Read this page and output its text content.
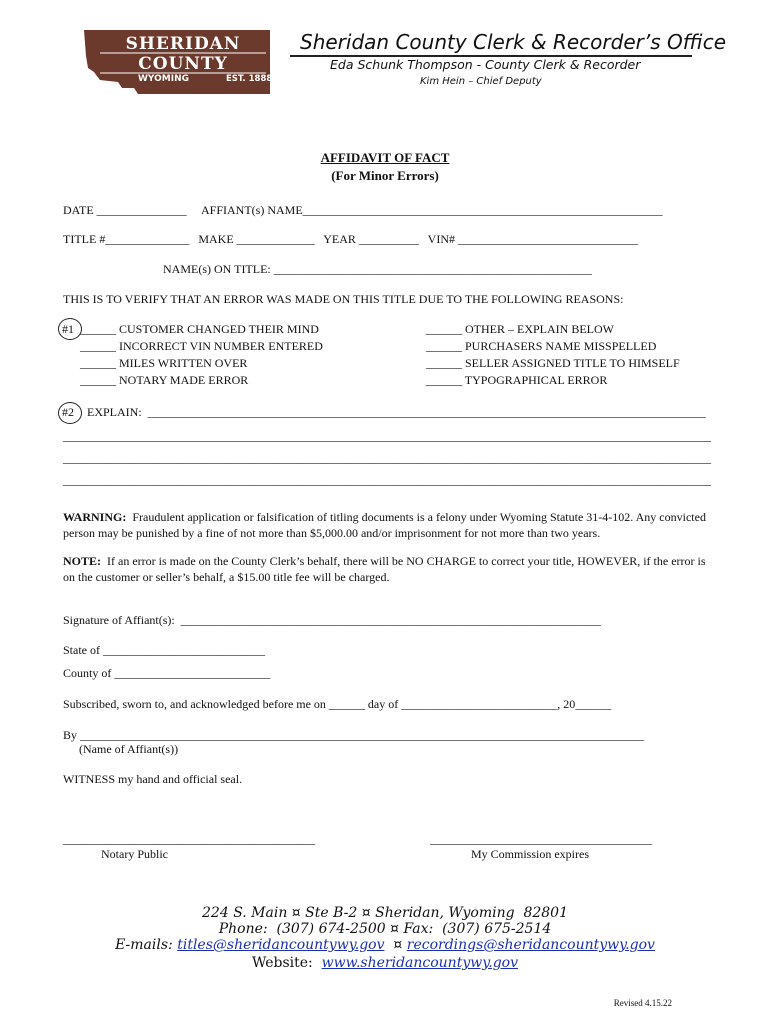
SHERIDAN
COUNTY
WYOMING	EST. 1888
Sheridan County Clerk & Recorder’s Office
Eda Schunk Thompson - County Clerk & Recorder
Kim Hein – Chief Deputy
AFFIDAVIT OF FACT
(For Minor Errors)
DATE _______________     AFFIANT(s) NAME____________________________________________________________
TITLE #______________   MAKE _____________   YEAR __________   VIN# ______________________________
NAME(s) ON TITLE: _____________________________________________________
THIS IS TO VERIFY THAT AN ERROR WAS MADE ON THIS TITLE DUE TO THE FOLLOWING REASONS:
#1 ______ CUSTOMER CHANGED THEIR MIND
______ INCORRECT VIN NUMBER ENTERED
______ MILES WRITTEN OVER
______ NOTARY MADE ERROR
______ OTHER – EXPLAIN BELOW
______ PURCHASERS NAME MISSPELLED
______ SELLER ASSIGNED TITLE TO HIMSELF
______ TYPOGRAPHICAL ERROR
#2 EXPLAIN:  _____________________________________________________________________________________________
____________________________________________________________________________________________________________
____________________________________________________________________________________________________________
____________________________________________________________________________________________________________
WARNING: Fraudulent application or falsification of titling documents is a felony under Wyoming Statute 31-4-102. Any convicted person may be punished by a fine of not more than $5,000.00 and/or imprisonment for not more than two years.
NOTE: If an error is made on the County Clerk’s behalf, there will be NO CHARGE to correct your title, HOWEVER, if the error is on the customer or seller’s behalf, a $15.00 title fee will be charged.
Signature of Affiant(s):  ______________________________________________________________________
State of ___________________________
County of __________________________
Subscribed, sworn to, and acknowledged before me on ______ day of __________________________, 20______
By ______________________________________________________________________________________________
(Name of Affiant(s))
WITNESS my hand and official seal.
__________________________________________
Notary Public
_____________________________________
My Commission expires
224 S. Main ¤ Ste B-2 ¤ Sheridan, Wyoming  82801
Phone:  (307) 674-2500 ¤ Fax:  (307) 675-2514
E-mails: titles@sheridancountywy.gov ¤ recordings@sheridancountywy.gov
Website: www.sheridancountywy.gov
Revised 4.15.22
